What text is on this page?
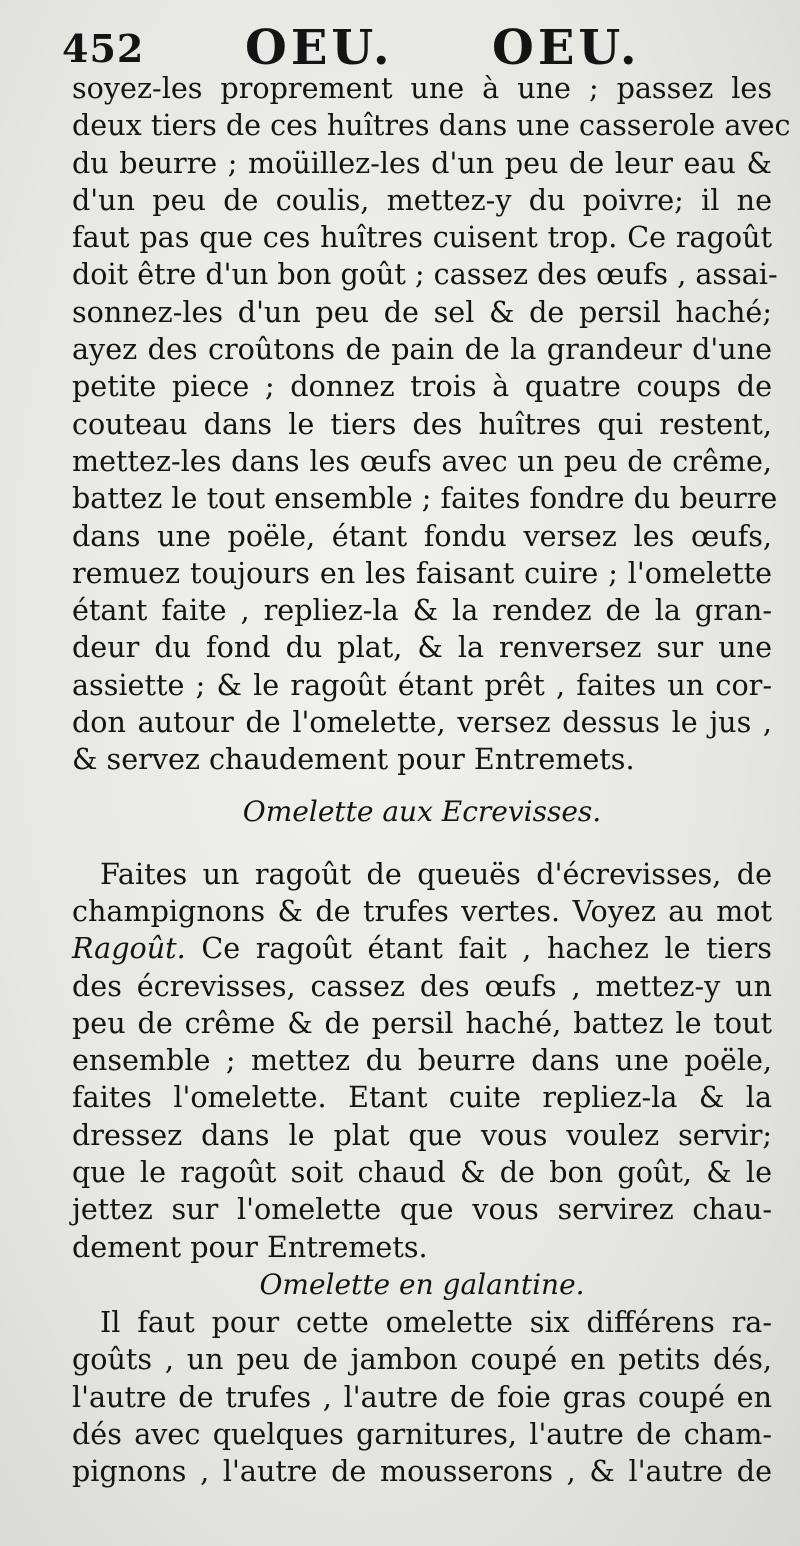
452 OEU. OEU.
soyez-les proprement une à une ; passez les
deux tiers de ces huîtres dans une casserole avec
du beurre ; moüillez-les d'un peu de leur eau &
d'un peu de coulis, mettez-y du poivre; il ne
faut pas que ces huîtres cuisent trop. Ce ragoût
doit être d'un bon goût ; cassez des œufs , assai-
sonnez-les d'un peu de sel & de persil haché;
ayez des croûtons de pain de la grandeur d'une
petite piece ; donnez trois à quatre coups de
couteau dans le tiers des huîtres qui restent,
mettez-les dans les œufs avec un peu de crême,
battez le tout ensemble ; faites fondre du beurre
dans une poële, étant fondu versez les œufs,
remuez toujours en les faisant cuire ; l'omelette
étant faite , repliez-la & la rendez de la gran-
deur du fond du plat, & la renversez sur une
assiette ; & le ragoût étant prêt , faites un cor-
don autour de l'omelette, versez dessus le jus ,
& servez chaudement pour Entremets.
Omelette aux Ecrevisses.
Faites un ragoût de queuës d'écrevisses, de
champignons & de trufes vertes. Voyez au mot
Ragoût. Ce ragoût étant fait , hachez le tiers
des écrevisses, cassez des œufs , mettez-y un
peu de crême & de persil haché, battez le tout
ensemble ; mettez du beurre dans une poële,
faites l'omelette. Etant cuite repliez-la & la
dressez dans le plat que vous voulez servir;
que le ragoût soit chaud & de bon goût, & le
jettez sur l'omelette que vous servirez chau-
dement pour Entremets.
Omelette en galantine.
Il faut pour cette omelette six différens ra-
goûts , un peu de jambon coupé en petits dés,
l'autre de trufes , l'autre de foie gras coupé en
dés avec quelques garnitures, l'autre de cham-
pignons , l'autre de mousserons , & l'autre de
